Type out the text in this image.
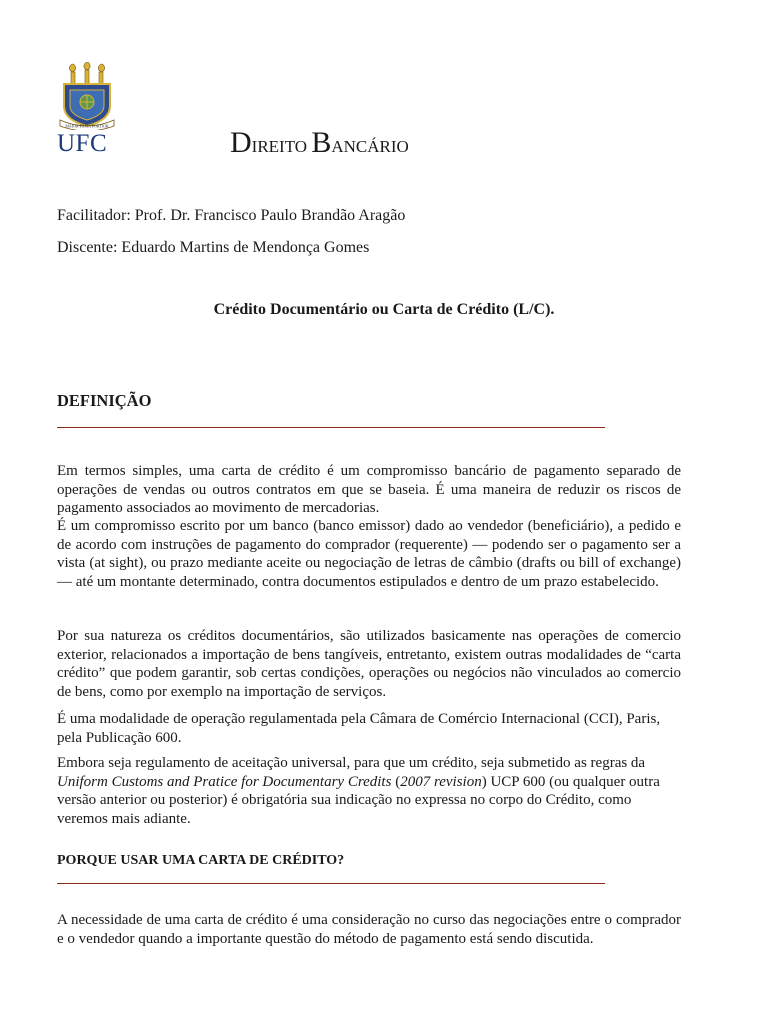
MAIOR FAMA FORTIOR
UFC	DIREITO BANCÁRIO
Facilitador: Prof. Dr. Francisco Paulo Brandão Aragão
Discente: Eduardo Martins de Mendonça Gomes
Crédito Documentário ou Carta de Crédito (L/C).
DEFINIÇÃO

Em termos simples, uma carta de crédito é um compromisso bancário de pagamento separado de operações de vendas ou outros contratos em que se baseia. É uma maneira de reduzir os riscos de pagamento associados ao movimento de mercadorias.

É um compromisso escrito por um banco (banco emissor) dado ao vendedor (beneficiário), a pedido e de acordo com instruções de pagamento do comprador (requerente) — podendo ser o pagamento ser a vista (at sight), ou prazo mediante aceite ou negociação de letras de câmbio (drafts ou bill of exchange) — até um montante determinado, contra documentos estipulados e dentro de um prazo estabelecido.

Por sua natureza os créditos documentários, são utilizados basicamente nas operações de comercio exterior, relacionados a importação de bens tangíveis, entretanto, existem outras modalidades de “carta crédito” que podem garantir, sob certas condições, operações ou negócios não vinculados ao comercio de bens, como por exemplo na importação de serviços.

É uma modalidade de operação regulamentada pela Câmara de Comércio Internacional (CCI), Paris, pela Publicação 600.

Embora seja regulamento de aceitação universal, para que um crédito, seja submetido as regras da Uniform Customs and Pratice for Documentary Credits (2007 revision) UCP 600 (ou qualquer outra versão anterior ou posterior) é obrigatória sua indicação no expressa no corpo do Crédito, como veremos mais adiante.

PORQUE USAR UMA CARTA DE CRÉDITO?

A necessidade de uma carta de crédito é uma consideração no curso das negociações entre o comprador e o vendedor quando a importante questão do método de pagamento está sendo discutida.
